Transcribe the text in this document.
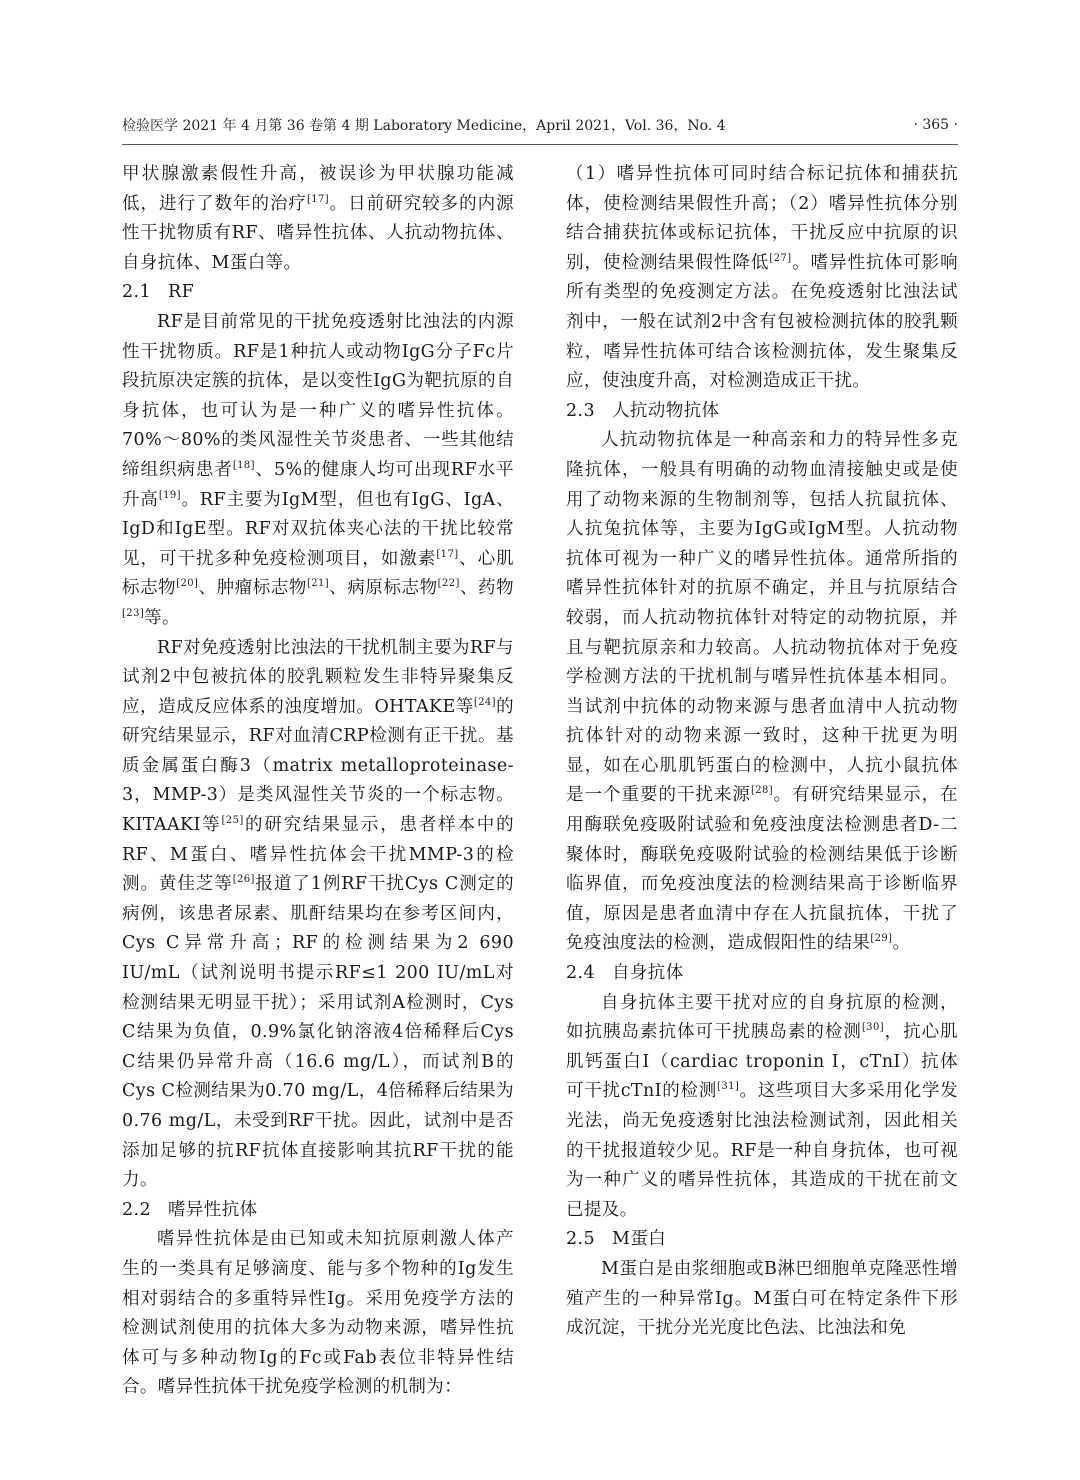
检验医学 2021 年 4 月第 36 卷第 4 期 Laboratory Medicine，April 2021，Vol. 36，No. 4	· 365 ·

甲状腺激素假性升高，被误诊为甲状腺功能减低，进行了数年的治疗[17]。日前研究较多的内源性干扰物质有RF、嗜异性抗体、人抗动物抗体、自身抗体、M蛋白等。

2.1 RF

RF是目前常见的干扰免疫透射比浊法的内源性干扰物质。RF是1种抗人或动物IgG分子Fc片段抗原决定簇的抗体，是以变性IgG为靶抗原的自身抗体，也可认为是一种广义的嗜异性抗体。70%～80%的类风湿性关节炎患者、一些其他结缔组织病患者[18]、5%的健康人均可出现RF水平升高[19]。RF主要为IgM型，但也有IgG、IgA、IgD和IgE型。RF对双抗体夹心法的干扰比较常见，可干扰多种免疫检测项目，如激素[17]、心肌标志物[20]、肿瘤标志物[21]、病原标志物[22]、药物[23]等。

RF对免疫透射比浊法的干扰机制主要为RF与试剂2中包被抗体的胶乳颗粒发生非特异聚集反应，造成反应体系的浊度增加。OHTAKE等[24]的研究结果显示，RF对血清CRP检测有正干扰。基质金属蛋白酶3（matrix metalloproteinase-3，MMP-3）是类风湿性关节炎的一个标志物。KITAAKI等[25]的研究结果显示，患者样本中的RF、M蛋白、嗜异性抗体会干扰MMP-3的检测。黄佳芝等[26]报道了1例RF干扰Cys C测定的病例，该患者尿素、肌酐结果均在参考区间内，Cys C异常升高；RF的检测结果为2 690 IU/mL（试剂说明书提示RF≤1 200 IU/mL对检测结果无明显干扰）；采用试剂A检测时，Cys C结果为负值，0.9%氯化钠溶液4倍稀释后Cys C结果仍异常升高（16.6 mg/L），而试剂B的Cys C检测结果为0.70 mg/L，4倍稀释后结果为0.76 mg/L，未受到RF干扰。因此，试剂中是否添加足够的抗RF抗体直接影响其抗RF干扰的能力。

2.2 嗜异性抗体

嗜异性抗体是由已知或未知抗原刺激人体产生的一类具有足够滴度、能与多个物种的Ig发生相对弱结合的多重特异性Ig。采用免疫学方法的检测试剂使用的抗体大多为动物来源，嗜异性抗体可与多种动物Ig的Fc或Fab表位非特异性结合。嗜异性抗体干扰免疫学检测的机制为：

（1）嗜异性抗体可同时结合标记抗体和捕获抗体，使检测结果假性升高；（2）嗜异性抗体分别结合捕获抗体或标记抗体，干扰反应中抗原的识别，使检测结果假性降低[27]。嗜异性抗体可影响所有类型的免疫测定方法。在免疫透射比浊法试剂中，一般在试剂2中含有包被检测抗体的胶乳颗粒，嗜异性抗体可结合该检测抗体，发生聚集反应，使浊度升高，对检测造成正干扰。

2.3 人抗动物抗体

人抗动物抗体是一种高亲和力的特异性多克隆抗体，一般具有明确的动物血清接触史或是使用了动物来源的生物制剂等，包括人抗鼠抗体、人抗兔抗体等，主要为IgG或IgM型。人抗动物抗体可视为一种广义的嗜异性抗体。通常所指的嗜异性抗体针对的抗原不确定，并且与抗原结合较弱，而人抗动物抗体针对特定的动物抗原，并且与靶抗原亲和力较高。人抗动物抗体对于免疫学检测方法的干扰机制与嗜异性抗体基本相同。当试剂中抗体的动物来源与患者血清中人抗动物抗体针对的动物来源一致时，这种干扰更为明显，如在心肌肌钙蛋白的检测中，人抗小鼠抗体是一个重要的干扰来源[28]。有研究结果显示，在用酶联免疫吸附试验和免疫浊度法检测患者D-二聚体时，酶联免疫吸附试验的检测结果低于诊断临界值，而免疫浊度法的检测结果高于诊断临界值，原因是患者血清中存在人抗鼠抗体，干扰了免疫浊度法的检测，造成假阳性的结果[29]。

2.4 自身抗体

自身抗体主要干扰对应的自身抗原的检测，如抗胰岛素抗体可干扰胰岛素的检测[30]，抗心肌肌钙蛋白I（cardiac troponin I，cTnI）抗体可干扰cTnI的检测[31]。这些项目大多采用化学发光法，尚无免疫透射比浊法检测试剂，因此相关的干扰报道较少见。RF是一种自身抗体，也可视为一种广义的嗜异性抗体，其造成的干扰在前文已提及。

2.5 M蛋白

M蛋白是由浆细胞或B淋巴细胞单克隆恶性增殖产生的一种异常Ig。M蛋白可在特定条件下形成沉淀，干扰分光光度比色法、比浊法和免
